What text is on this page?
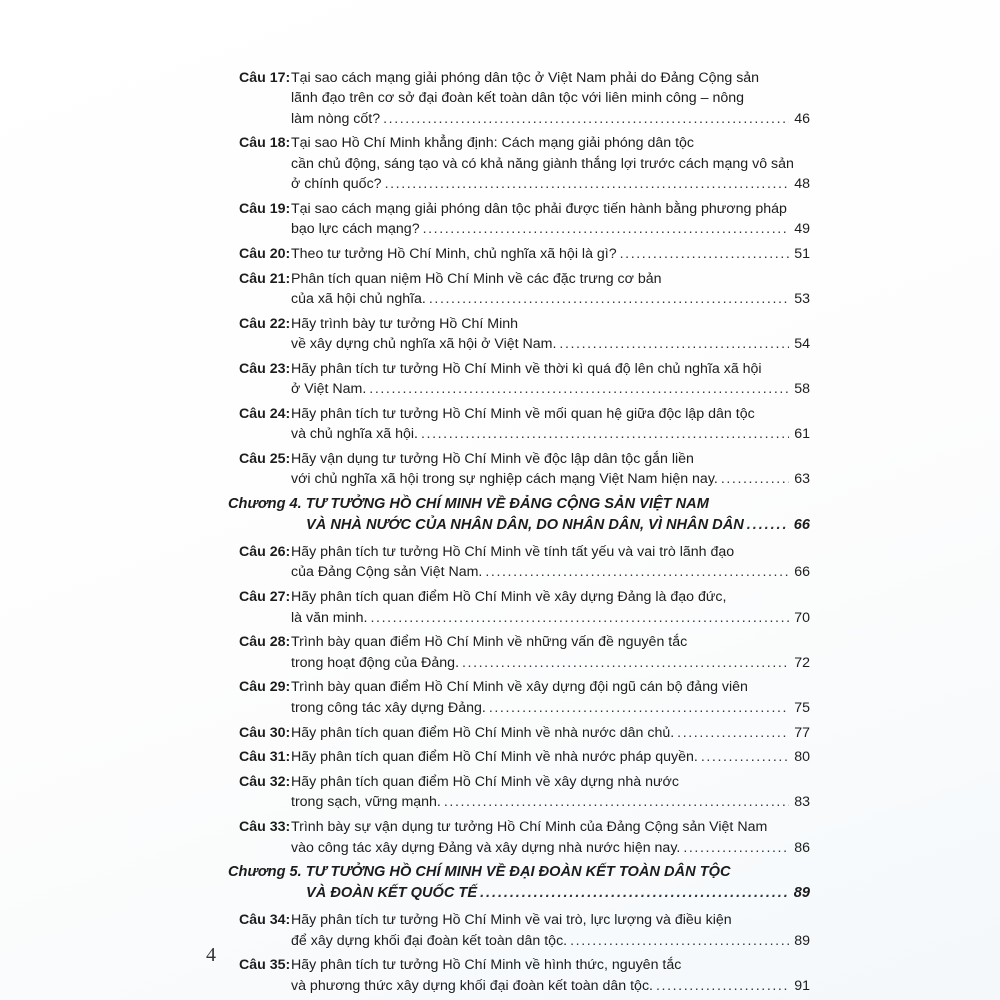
Câu 17: Tại sao cách mạng giải phóng dân tộc ở Việt Nam phải do Đảng Cộng sản
lãnh đạo trên cơ sở đại đoàn kết toàn dân tộc với liên minh công – nông
làm nòng cốt? .....	46
Câu 18: Tại sao Hồ Chí Minh khẳng định: Cách mạng giải phóng dân tộc
cần chủ động, sáng tạo và có khả năng giành thắng lợi trước cách mạng vô sản
ở chính quốc? .....	48
Câu 19: Tại sao cách mạng giải phóng dân tộc phải được tiến hành bằng phương pháp
bạo lực cách mạng? .....	49
Câu 20: Theo tư tưởng Hồ Chí Minh, chủ nghĩa xã hội là gì? .....	51
Câu 21: Phân tích quan niệm Hồ Chí Minh về các đặc trưng cơ bản
của xã hội chủ nghĩa. .....	53
Câu 22: Hãy trình bày tư tưởng Hồ Chí Minh
về xây dựng chủ nghĩa xã hội ở Việt Nam. .....	54
Câu 23: Hãy phân tích tư tưởng Hồ Chí Minh về thời kì quá độ lên chủ nghĩa xã hội
ở Việt Nam. .....	58
Câu 24: Hãy phân tích tư tưởng Hồ Chí Minh về mối quan hệ giữa độc lập dân tộc
và chủ nghĩa xã hội. .....	61
Câu 25: Hãy vận dụng tư tưởng Hồ Chí Minh về độc lập dân tộc gắn liền
với chủ nghĩa xã hội trong sự nghiệp cách mạng Việt Nam hiện nay. .....	63
Chương 4. TƯ TƯỞNG HỒ CHÍ MINH VỀ ĐẢNG CỘNG SẢN VIỆT NAM
VÀ NHÀ NƯỚC CỦA NHÂN DÂN, DO NHÂN DÂN, VÌ NHÂN DÂN .....	66
Câu 26: Hãy phân tích tư tưởng Hồ Chí Minh về tính tất yếu và vai trò lãnh đạo
của Đảng Cộng sản Việt Nam. .....	66
Câu 27: Hãy phân tích quan điểm Hồ Chí Minh về xây dựng Đảng là đạo đức,
là văn minh. .....	70
Câu 28: Trình bày quan điểm Hồ Chí Minh về những vấn đề nguyên tắc
trong hoạt động của Đảng. .....	72
Câu 29: Trình bày quan điểm Hồ Chí Minh về xây dựng đội ngũ cán bộ đảng viên
trong công tác xây dựng Đảng. .....	75
Câu 30: Hãy phân tích quan điểm Hồ Chí Minh về nhà nước dân chủ. .....	77
Câu 31: Hãy phân tích quan điểm Hồ Chí Minh về nhà nước pháp quyền. .....	80
Câu 32: Hãy phân tích quan điểm Hồ Chí Minh về xây dựng nhà nước
trong sạch, vững mạnh. .....	83
Câu 33: Trình bày sự vận dụng tư tưởng Hồ Chí Minh của Đảng Cộng sản Việt Nam
vào công tác xây dựng Đảng và xây dựng nhà nước hiện nay. .....	86
Chương 5. TƯ TƯỞNG HỒ CHÍ MINH VỀ ĐẠI ĐOÀN KẾT TOÀN DÂN TỘC
VÀ ĐOÀN KẾT QUỐC TẾ .....	89
Câu 34: Hãy phân tích tư tưởng Hồ Chí Minh về vai trò, lực lượng và điều kiện
để xây dựng khối đại đoàn kết toàn dân tộc. .....	89
Câu 35: Hãy phân tích tư tưởng Hồ Chí Minh về hình thức, nguyên tắc
và phương thức xây dựng khối đại đoàn kết toàn dân tộc. .....	91
4
